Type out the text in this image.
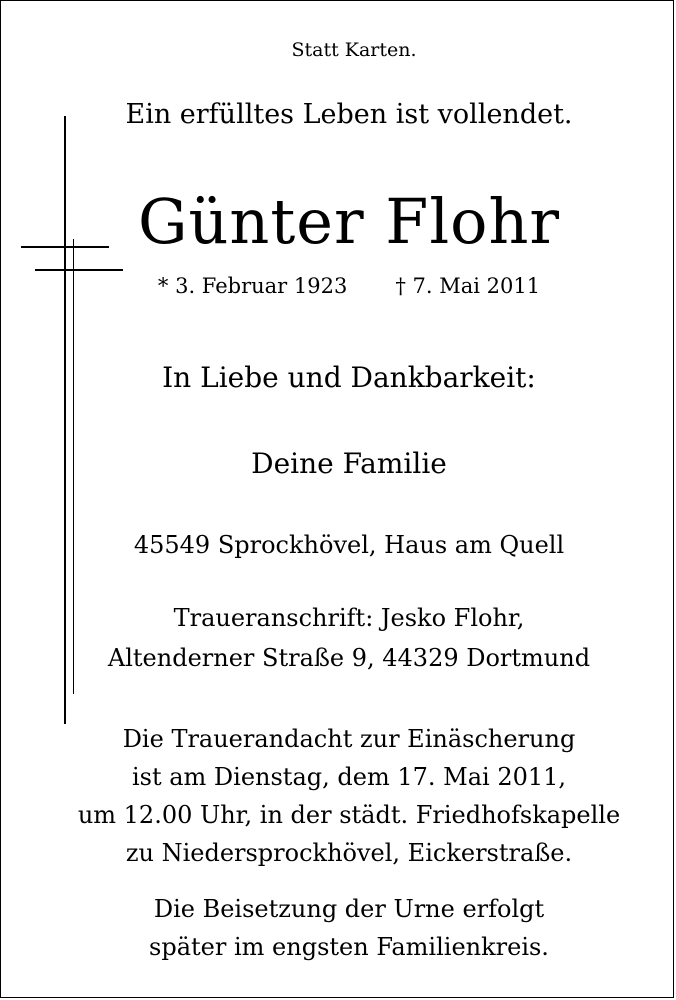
Statt Karten.
Ein erfülltes Leben ist vollendet.
Günter Flohr
* 3. Februar 1923 † 7. Mai 2011
In Liebe und Dankbarkeit:
Deine Familie
45549 Sprockhövel, Haus am Quell
Traueranschrift: Jesko Flohr,
Altenderner Straße 9, 44329 Dortmund
Die Trauerandacht zur Einäscherung
ist am Dienstag, dem 17. Mai 2011,
um 12.00 Uhr, in der städt. Friedhofskapelle
zu Niedersprockhövel, Eickerstraße.
Die Beisetzung der Urne erfolgt
später im engsten Familienkreis.
